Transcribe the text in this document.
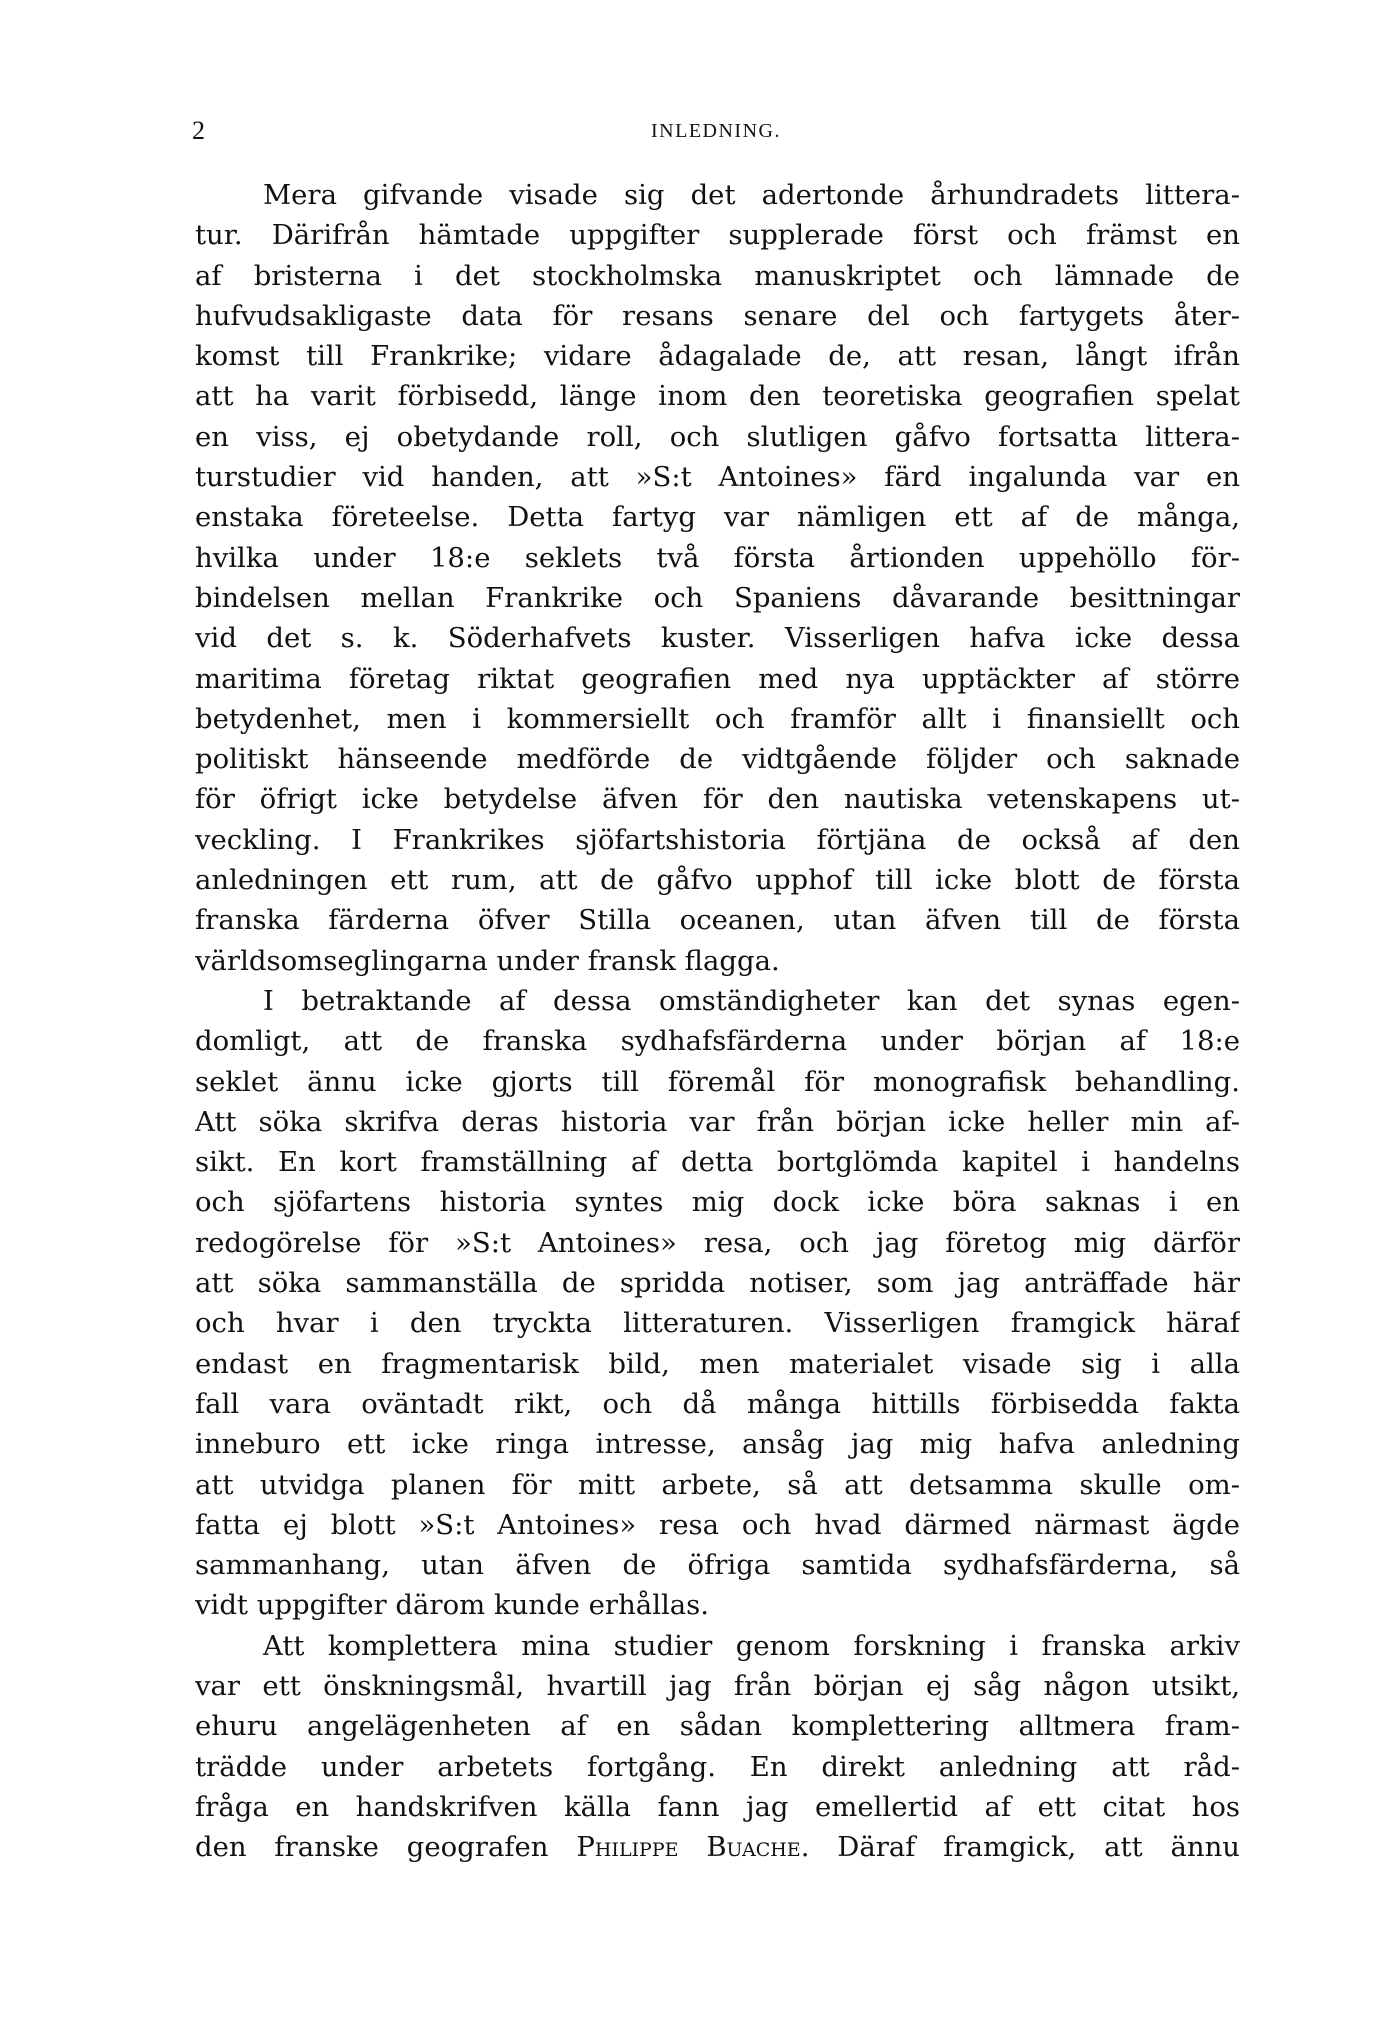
2	INLEDNING.
Mera gifvande visade sig det adertonde århundradets littera-
tur. Därifrån hämtade uppgifter supplerade först och främst en
af bristerna i det stockholmska manuskriptet och lämnade de
hufvudsakligaste data för resans senare del och fartygets åter-
komst till Frankrike; vidare ådagalade de, att resan, långt ifrån
att ha varit förbisedd, länge inom den teoretiska geografien spelat
en viss, ej obetydande roll, och slutligen gåfvo fortsatta littera-
turstudier vid handen, att »S:t Antoines» färd ingalunda var en
enstaka företeelse. Detta fartyg var nämligen ett af de många,
hvilka under 18:e seklets två första årtionden uppehöllo för-
bindelsen mellan Frankrike och Spaniens dåvarande besittningar
vid det s. k. Söderhafvets kuster. Visserligen hafva icke dessa
maritima företag riktat geografien med nya upptäckter af större
betydenhet, men i kommersiellt och framför allt i finansiellt och
politiskt hänseende medförde de vidtgående följder och saknade
för öfrigt icke betydelse äfven för den nautiska vetenskapens ut-
veckling. I Frankrikes sjöfartshistoria förtjäna de också af den
anledningen ett rum, att de gåfvo upphof till icke blott de första
franska färderna öfver Stilla oceanen, utan äfven till de första
världsomseglingarna under fransk flagga.
I betraktande af dessa omständigheter kan det synas egen-
domligt, att de franska sydhafsfärderna under början af 18:e
seklet ännu icke gjorts till föremål för monografisk behandling.
Att söka skrifva deras historia var från början icke heller min af-
sikt. En kort framställning af detta bortglömda kapitel i handelns
och sjöfartens historia syntes mig dock icke böra saknas i en
redogörelse för »S:t Antoines» resa, och jag företog mig därför
att söka sammanställa de spridda notiser, som jag anträffade här
och hvar i den tryckta litteraturen. Visserligen framgick häraf
endast en fragmentarisk bild, men materialet visade sig i alla
fall vara oväntadt rikt, och då många hittills förbisedda fakta
inneburo ett icke ringa intresse, ansåg jag mig hafva anledning
att utvidga planen för mitt arbete, så att detsamma skulle om-
fatta ej blott »S:t Antoines» resa och hvad därmed närmast ägde
sammanhang, utan äfven de öfriga samtida sydhafsfärderna, så
vidt uppgifter därom kunde erhållas.
Att komplettera mina studier genom forskning i franska arkiv
var ett önskningsmål, hvartill jag från början ej såg någon utsikt,
ehuru angelägenheten af en sådan komplettering alltmera fram-
trädde under arbetets fortgång. En direkt anledning att råd-
fråga en handskrifven källa fann jag emellertid af ett citat hos
den franske geografen Philippe Buache. Däraf framgick, att ännu
